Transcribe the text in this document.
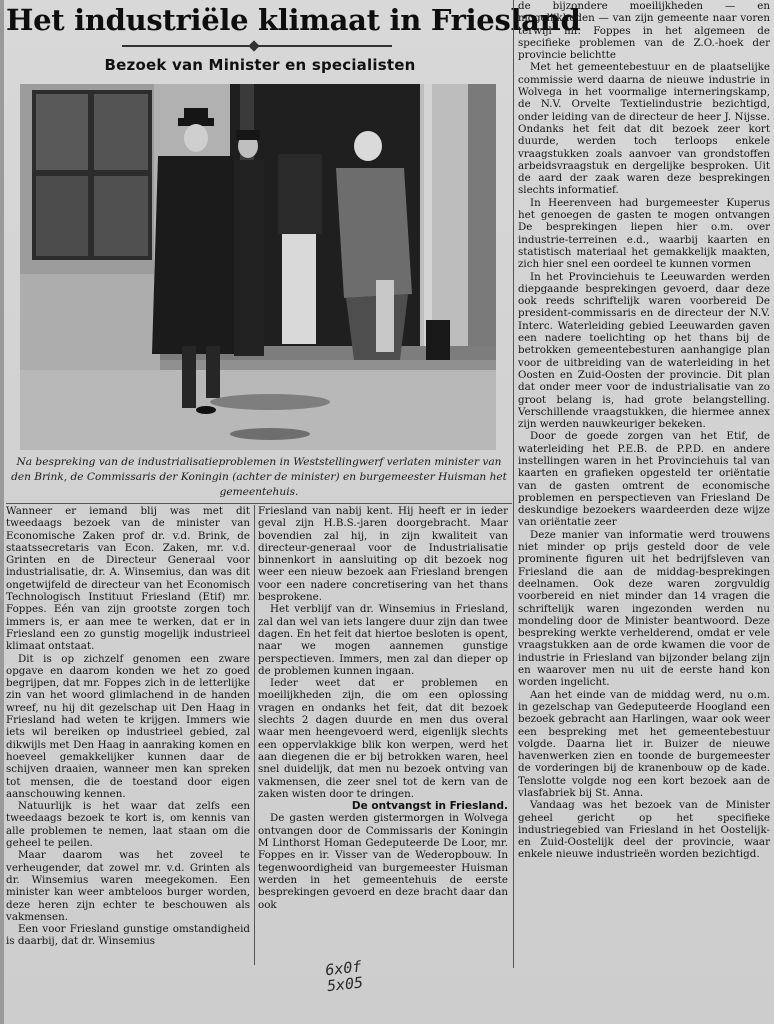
Het industriële klimaat in Friesland
Bezoek van Minister en specialisten
Na bespreking van de industrialisatieproblemen in Weststellingwerf verlaten minister van den Brink, de Commissaris der Koningin (achter de minister) en burgemeester Huisman het gemeentehuis.

Wanneer er iemand blij was met dit tweedaags bezoek van de minister van Economische Zaken prof dr. v.d. Brink, de staatssecretaris van Econ. Zaken, mr. v.d. Grinten en de Directeur Generaal voor industrialisatie, dr. A. Winsemius, dan was dit ongetwijfeld de directeur van het Economisch Technologisch Instituut Friesland (Etif) mr. Foppes. Eén van zijn grootste zorgen toch immers is, er aan mee te werken, dat er in Friesland een zo gunstig mogelijk industrieel klimaat ontstaat.

Dit is op zichzelf genomen een zware opgave en daarom konden we het zo goed begrijpen, dat mr. Foppes zich in de letterlijke zin van het woord glimlachend in de handen wreef, nu hij dit gezelschap uit Den Haag in Friesland had weten te krijgen. Immers wie iets wil bereiken op industrieel gebied, zal dikwijls met Den Haag in aanraking komen en hoeveel gemakkelijker kunnen daar de schijven draaien, wanneer men kan spreken tot mensen, die de toestand door eigen aanschouwing kennen.

Natuurlijk is het waar dat zelfs een tweedaags bezoek te kort is, om kennis van alle problemen te nemen, laat staan om die geheel te peilen.

Maar daarom was het zoveel te verheugender, dat zowel mr. v.d. Grinten als dr. Winsemius waren meegekomen. Een minister kan weer ambteloos burger worden, deze heren zijn echter te beschouwen als vakmensen.

Een voor Friesland gunstige omstandigheid is daarbij, dat dr. Winsemius

Friesland van nabij kent. Hij heeft er in ieder geval zijn H.B.S.-jaren doorgebracht. Maar bovendien zal hij, in zijn kwaliteit van directeur-generaal voor de Industrialisatie binnenkort in aansluiting op dit bezoek nog weer een nieuw bezoek aan Friesland brengen voor een nadere concretisering van het thans besprokene.

Het verblijf van dr. Winsemius in Friesland, zal dan wel van iets langere duur zijn dan twee dagen. En het feit dat hiertoe besloten is opent, naar we mogen aannemen gunstige perspectieven. Immers, men zal dan dieper op de problemen kunnen ingaan.

Ieder weet dat er problemen en moeilijkheden zijn, die om een oplossing vragen en ondanks het feit, dat dit bezoek slechts 2 dagen duurde en men dus overal waar men heengevoerd werd, eigenlijk slechts een oppervlakkige blik kon werpen, werd het aan diegenen die er bij betrokken waren, heel snel duidelijk, dat men nu bezoek ontving van vakmensen, die zeer snel tot de kern van de zaken wisten door te dringen.

De ontvangst in Friesland.

De gasten werden gistermorgen in Wolvega ontvangen door de Commissaris der Koningin M Linthorst Homan Gedeputeerde De Loor, mr. Foppes en ir. Visser van de Wederopbouw. In tegenwoordigheid van burgemeester Huisman werden in het gemeentehuis de eerste besprekingen gevoerd en deze bracht daar dan ook

de bijzondere moeilijkheden — en mogelijkheden — van zijn gemeente naar voren terwijl mr. Foppes in het algemeen de specifieke problemen van de Z.O.-hoek der provincie belichtte

Met het gemeentebestuur en de plaatselijke commissie werd daarna de nieuwe industrie in Wolvega in het voormalige interneringskamp, de N.V. Orvelte Textielindustrie bezichtigd, onder leiding van de directeur de heer J. Nijsse. Ondanks het feit dat dit bezoek zeer kort duurde, werden toch terloops enkele vraagstukken zoals aanvoer van grondstoffen arbeidsvraagstuk en dergelijke besproken. Uit de aard der zaak waren deze besprekingen slechts informatief.

In Heerenveen had burgemeester Kuperus het genoegen de gasten te mogen ontvangen De besprekingen liepen hier o.m. over industrie-terreinen e.d., waarbij kaarten en statistisch materiaal het gemakkelijk maakten, zich hier snel een oordeel te kunnen vormen

In het Provinciehuis te Leeuwarden werden diepgaande besprekingen gevoerd, daar deze ook reeds schriftelijk waren voorbereid De president-commissaris en de directeur der N.V. Interc. Waterleiding gebied Leeuwarden gaven een nadere toelichting op het thans bij de betrokken gemeentebesturen aanhangige plan voor de uitbreiding van de waterleiding in het Oosten en Zuid-Oosten der provincie. Dit plan dat onder meer voor de industrialisatie van zo groot belang is, had grote belangstelling. Verschillende vraagstukken, die hiermee annex zijn werden nauwkeuriger bekeken.

Door de goede zorgen van het Etif, de waterleiding het P.E.B. de P.P.D. en andere instellingen waren in het Provinciehuis tal van kaarten en grafieken opgesteld ter oriëntatie van de gasten omtrent de economische problemen en perspectieven van Friesland De deskundige bezoekers waardeerden deze wijze van oriëntatie zeer

Deze manier van informatie werd trouwens niet minder op prijs gesteld door de vele prominente figuren uit het bedrijfsleven van Friesland die aan de middag-besprekingen deelnamen. Ook deze waren zorgvuldig voorbereid en niet minder dan 14 vragen die schriftelijk waren ingezonden werden nu mondeling door de Minister beantwoord. Deze bespreking werkte verhelderend, omdat er vele vraagstukken aan de orde kwamen die voor de industrie in Friesland van bijzonder belang zijn en waarover men nu uit de eerste hand kon worden ingelicht.

Aan het einde van de middag werd, nu o.m. in gezelschap van Gedeputeerde Hoogland een bezoek gebracht aan Harlingen, waar ook weer een bespreking met het gemeentebestuur volgde. Daarna liet ir. Buizer de nieuwe havenwerken zien en toonde de burgemeester de vorderingen bij de kranenbouw op de kade. Tenslotte volgde nog een kort bezoek aan de vlasfabriek bij St. Anna.

Vandaag was het bezoek van de Minister geheel gericht op het specifieke industriegebied van Friesland in het Oostelijk- en Zuid-Oostelijk deel der provincie, waar enkele nieuwe industrieën worden bezichtigd.

6x0f
5x05
